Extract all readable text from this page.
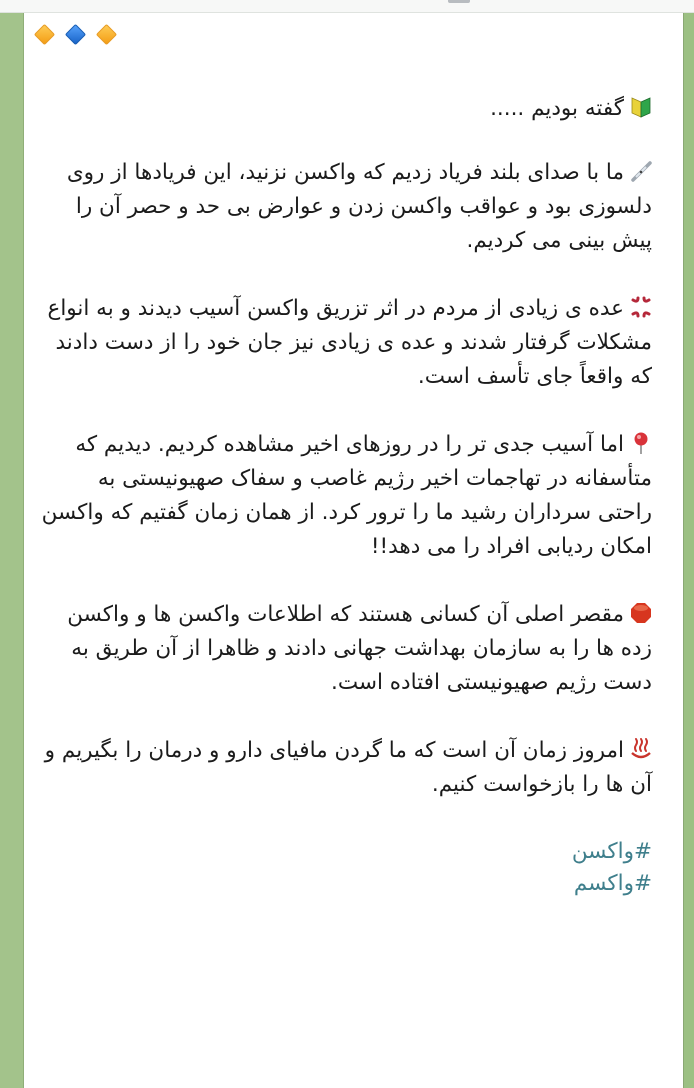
گفته بودیم .....

ما با صدای بلند فریاد زدیم که واکسن نزنید، این فریادها از روی دلسوزی بود و عواقب واکسن زدن و عوارض بی حد و حصر آن را پیش بینی می کردیم.

عده ی زیادی از مردم در اثر تزریق واکسن آسیب دیدند و به انواع مشکلات گرفتار شدند و عده ی زیادی نیز جان خود را از دست دادند که واقعاً جای تأسف است.

اما آسیب جدی تر را در روزهای اخیر مشاهده کردیم. دیدیم که متأسفانه در تهاجمات اخیر رژیم غاصب و سفاک صهیونیستی به راحتی سرداران رشید ما را ترور کرد. از همان زمان گفتیم که واکسن امکان ردیابی افراد را می دهد!!

مقصر اصلی آن کسانی هستند که اطلاعات واکسن ها و واکسن زده ها را به سازمان بهداشت جهانی دادند و ظاهرا از آن طریق به دست رژیم صهیونیستی افتاده است.

امروز زمان آن است که ما گردن مافیای دارو و درمان را بگیریم و آن ها را بازخواست کنیم.

#واکسن
#واکسم
